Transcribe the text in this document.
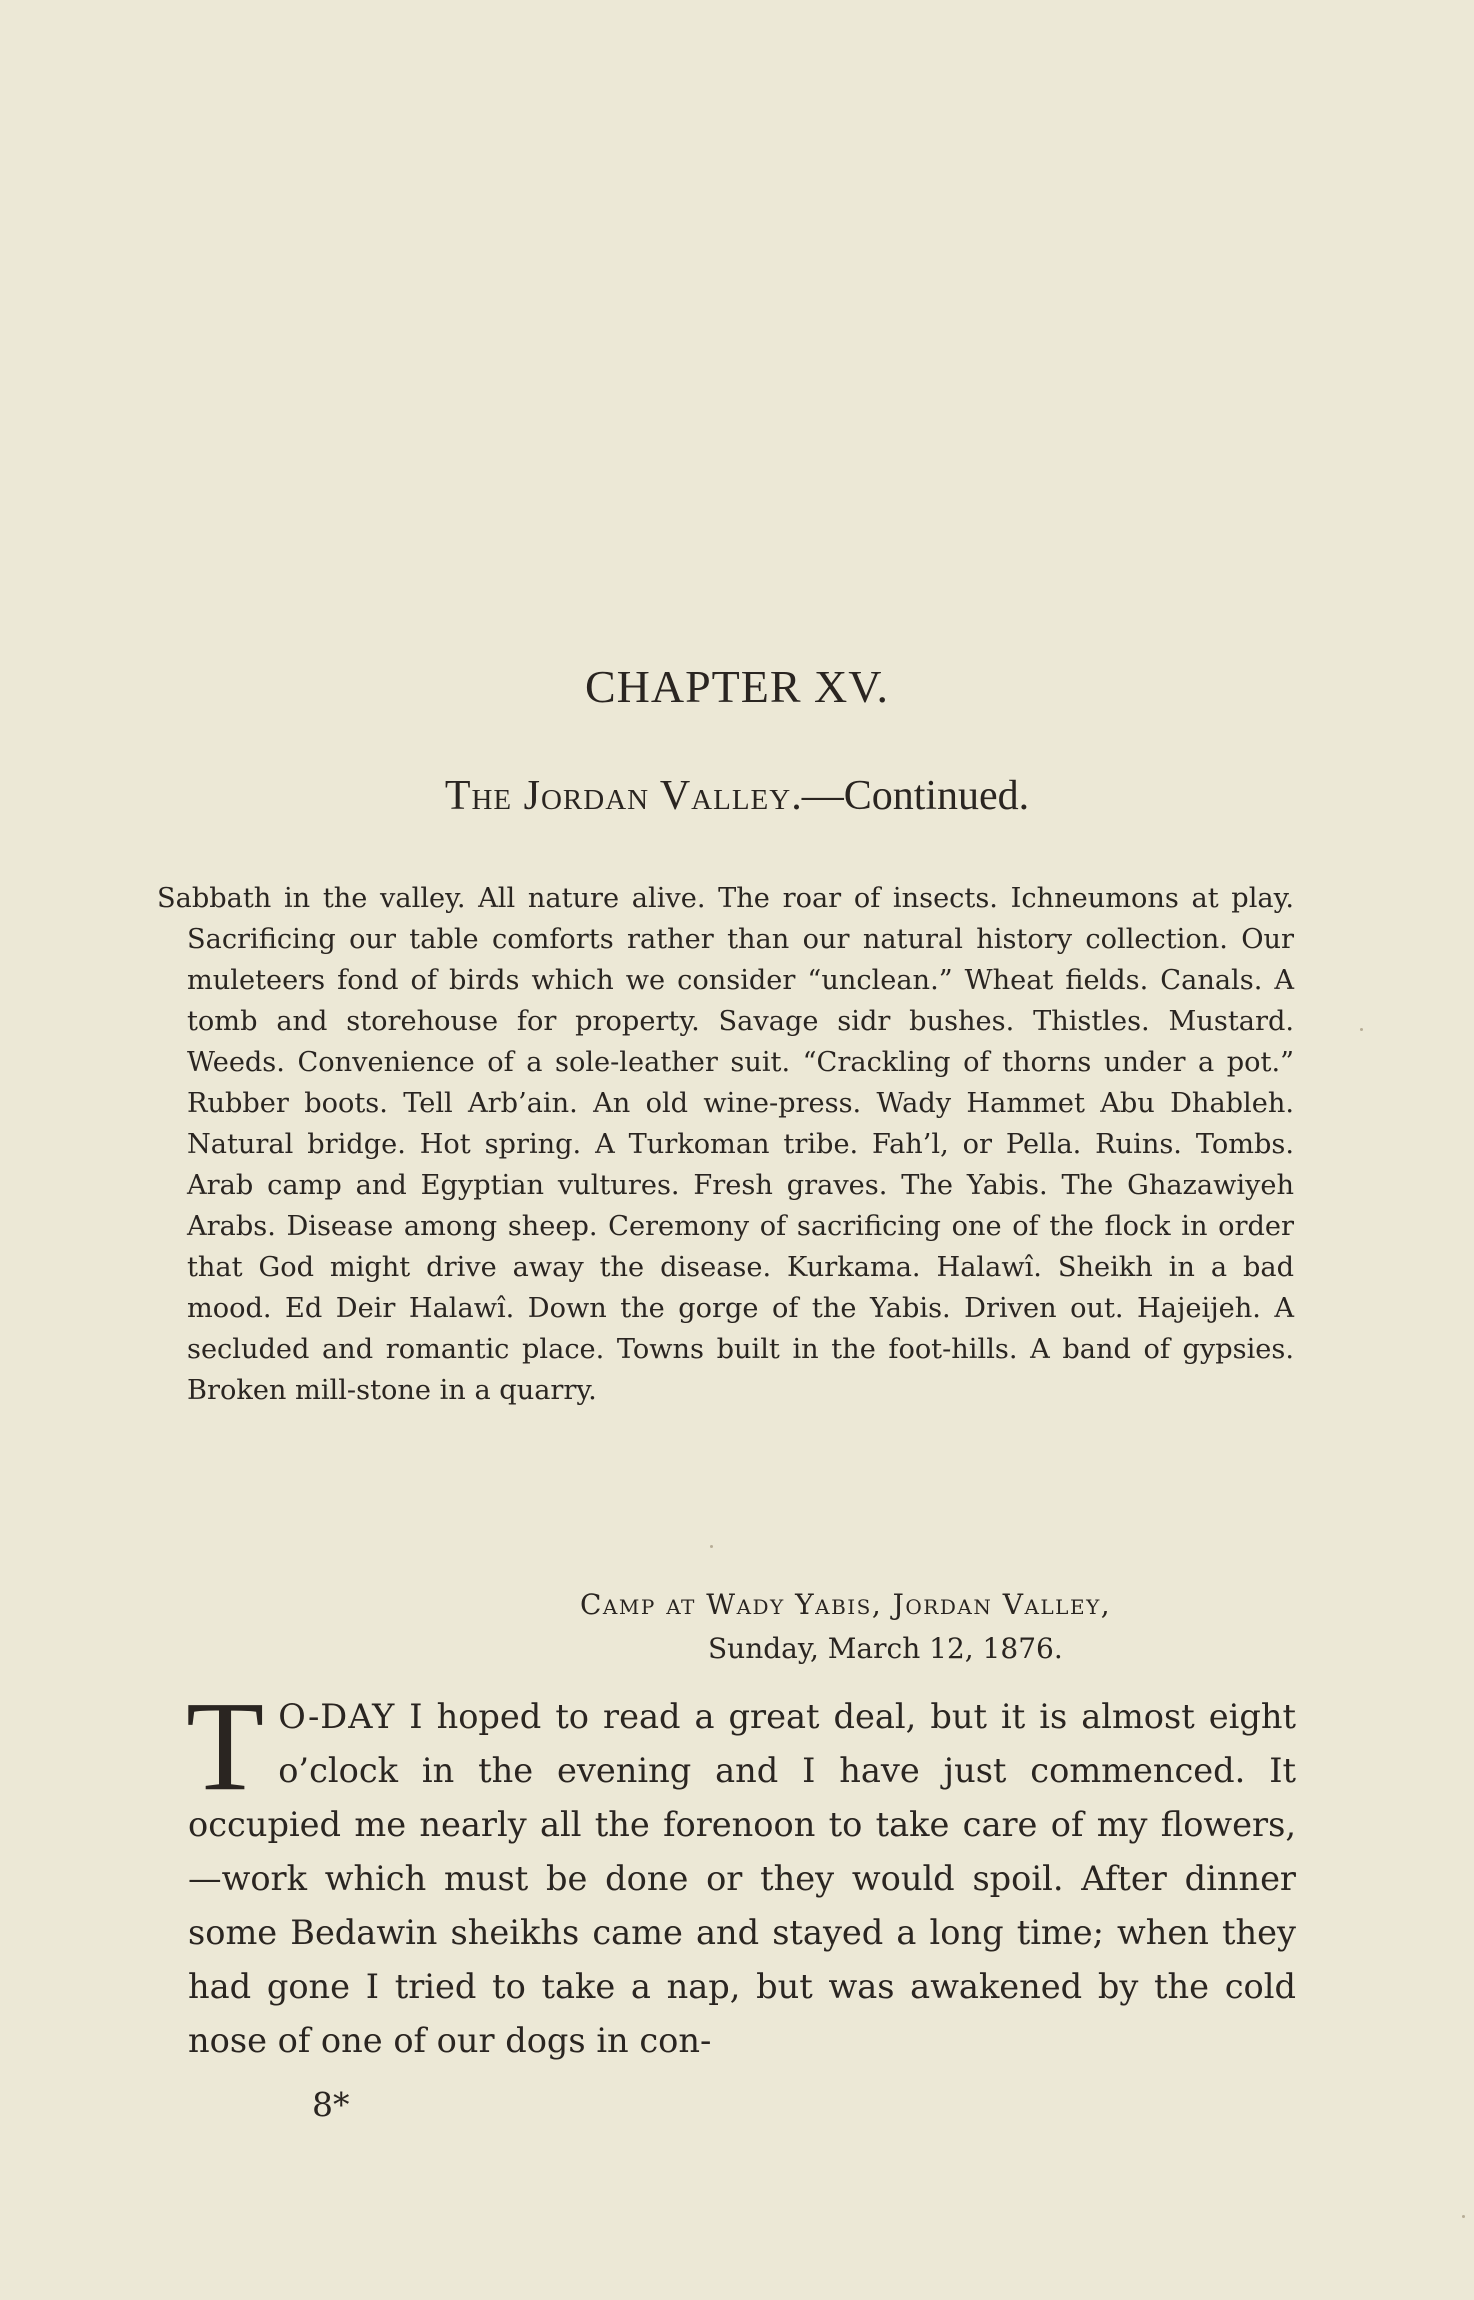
CHAPTER XV.
The Jordan Valley.—Continued.
Sabbath in the valley. All nature alive. The roar of insects. Ichneumons at play. Sacrificing our table comforts rather than our natural history collection. Our muleteers fond of birds which we consider “unclean.” Wheat fields. Canals. A tomb and storehouse for property. Savage sidr bushes. Thistles. Mustard. Weeds. Convenience of a sole-leather suit. “Crackling of thorns under a pot.” Rubber boots. Tell Arb’ain. An old wine-press. Wady Hammet Abu Dhableh. Natural bridge. Hot spring. A Turkoman tribe. Fah’l, or Pella. Ruins. Tombs. Arab camp and Egyptian vultures. Fresh graves. The Yabis. The Ghazawiyeh Arabs. Disease among sheep. Ceremony of sacrificing one of the flock in order that God might drive away the disease. Kurkama. Halawî. Sheikh in a bad mood. Ed Deir Halawî. Down the gorge of the Yabis. Driven out. Hajeijeh. A secluded and romantic place. Towns built in the foot-hills. A band of gypsies. Broken mill-stone in a quarry.
Camp at Wady Yabis, Jordan Valley,
Sunday, March 12, 1876.
T O-DAY I hoped to read a great deal, but it is almost eight o’clock in the evening and I have just commenced. It occupied me nearly all the forenoon to take care of my flowers,—work which must be done or they would spoil. After dinner some Bedawin sheikhs came and stayed a long time; when they had gone I tried to take a nap, but was awakened by the cold nose of one of our dogs in con-
8*
